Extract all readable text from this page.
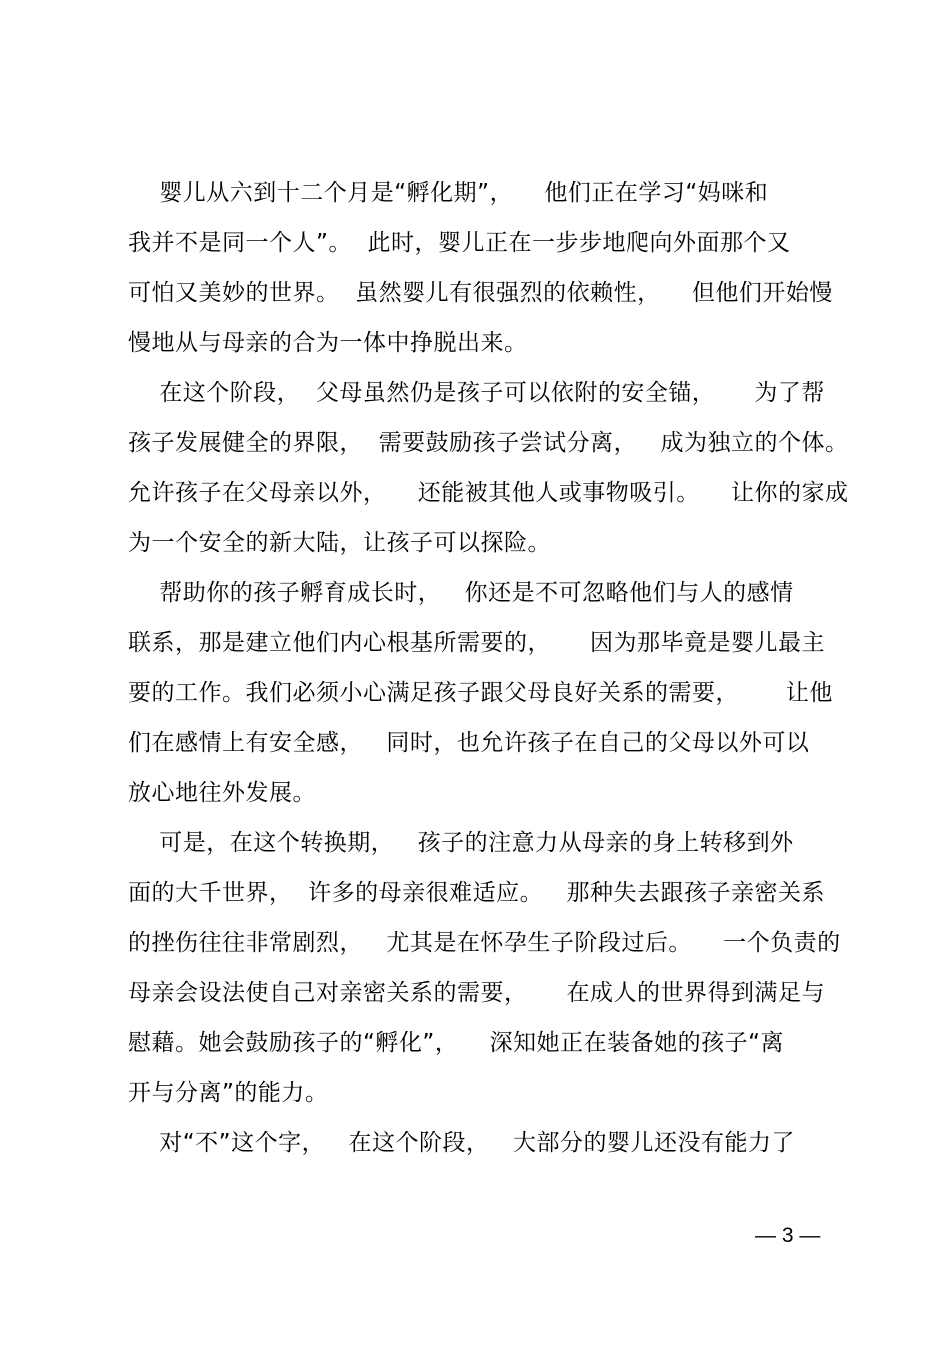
婴儿从六到十二个月是“孵化期”，    他们正在学习“妈咪和
我并不是同一个人”。  此时，婴儿正在一步步地爬向外面那个又
可怕又美妙的世界。  虽然婴儿有很强烈的依赖性，    但他们开始慢
慢地从与母亲的合为一体中挣脱出来。
在这个阶段，  父母虽然仍是孩子可以依附的安全锚，     为了帮
孩子发展健全的界限，  需要鼓励孩子尝试分离，   成为独立的个体。
允许孩子在父母亲以外，    还能被其他人或事物吸引。    让你的家成
为一个安全的新大陆，让孩子可以探险。
帮助你的孩子孵育成长时，   你还是不可忽略他们与人的感情
联系，那是建立他们内心根基所需要的，     因为那毕竟是婴儿最主
要的工作。我们必须小心满足孩子跟父母良好关系的需要，      让他
们在感情上有安全感，   同时，也允许孩子在自己的父母以外可以
放心地往外发展。
可是，在这个转换期，   孩子的注意力从母亲的身上转移到外
面的大千世界，  许多的母亲很难适应。   那种失去跟孩子亲密关系
的挫伤往往非常剧烈，   尤其是在怀孕生子阶段过后。    一个负责的
母亲会设法使自己对亲密关系的需要，     在成人的世界得到满足与
慰藉。她会鼓励孩子的“孵化”，    深知她正在装备她的孩子“离
开与分离”的能力。
对“不”这个字，   在这个阶段，   大部分的婴儿还没有能力了
— 3 —
